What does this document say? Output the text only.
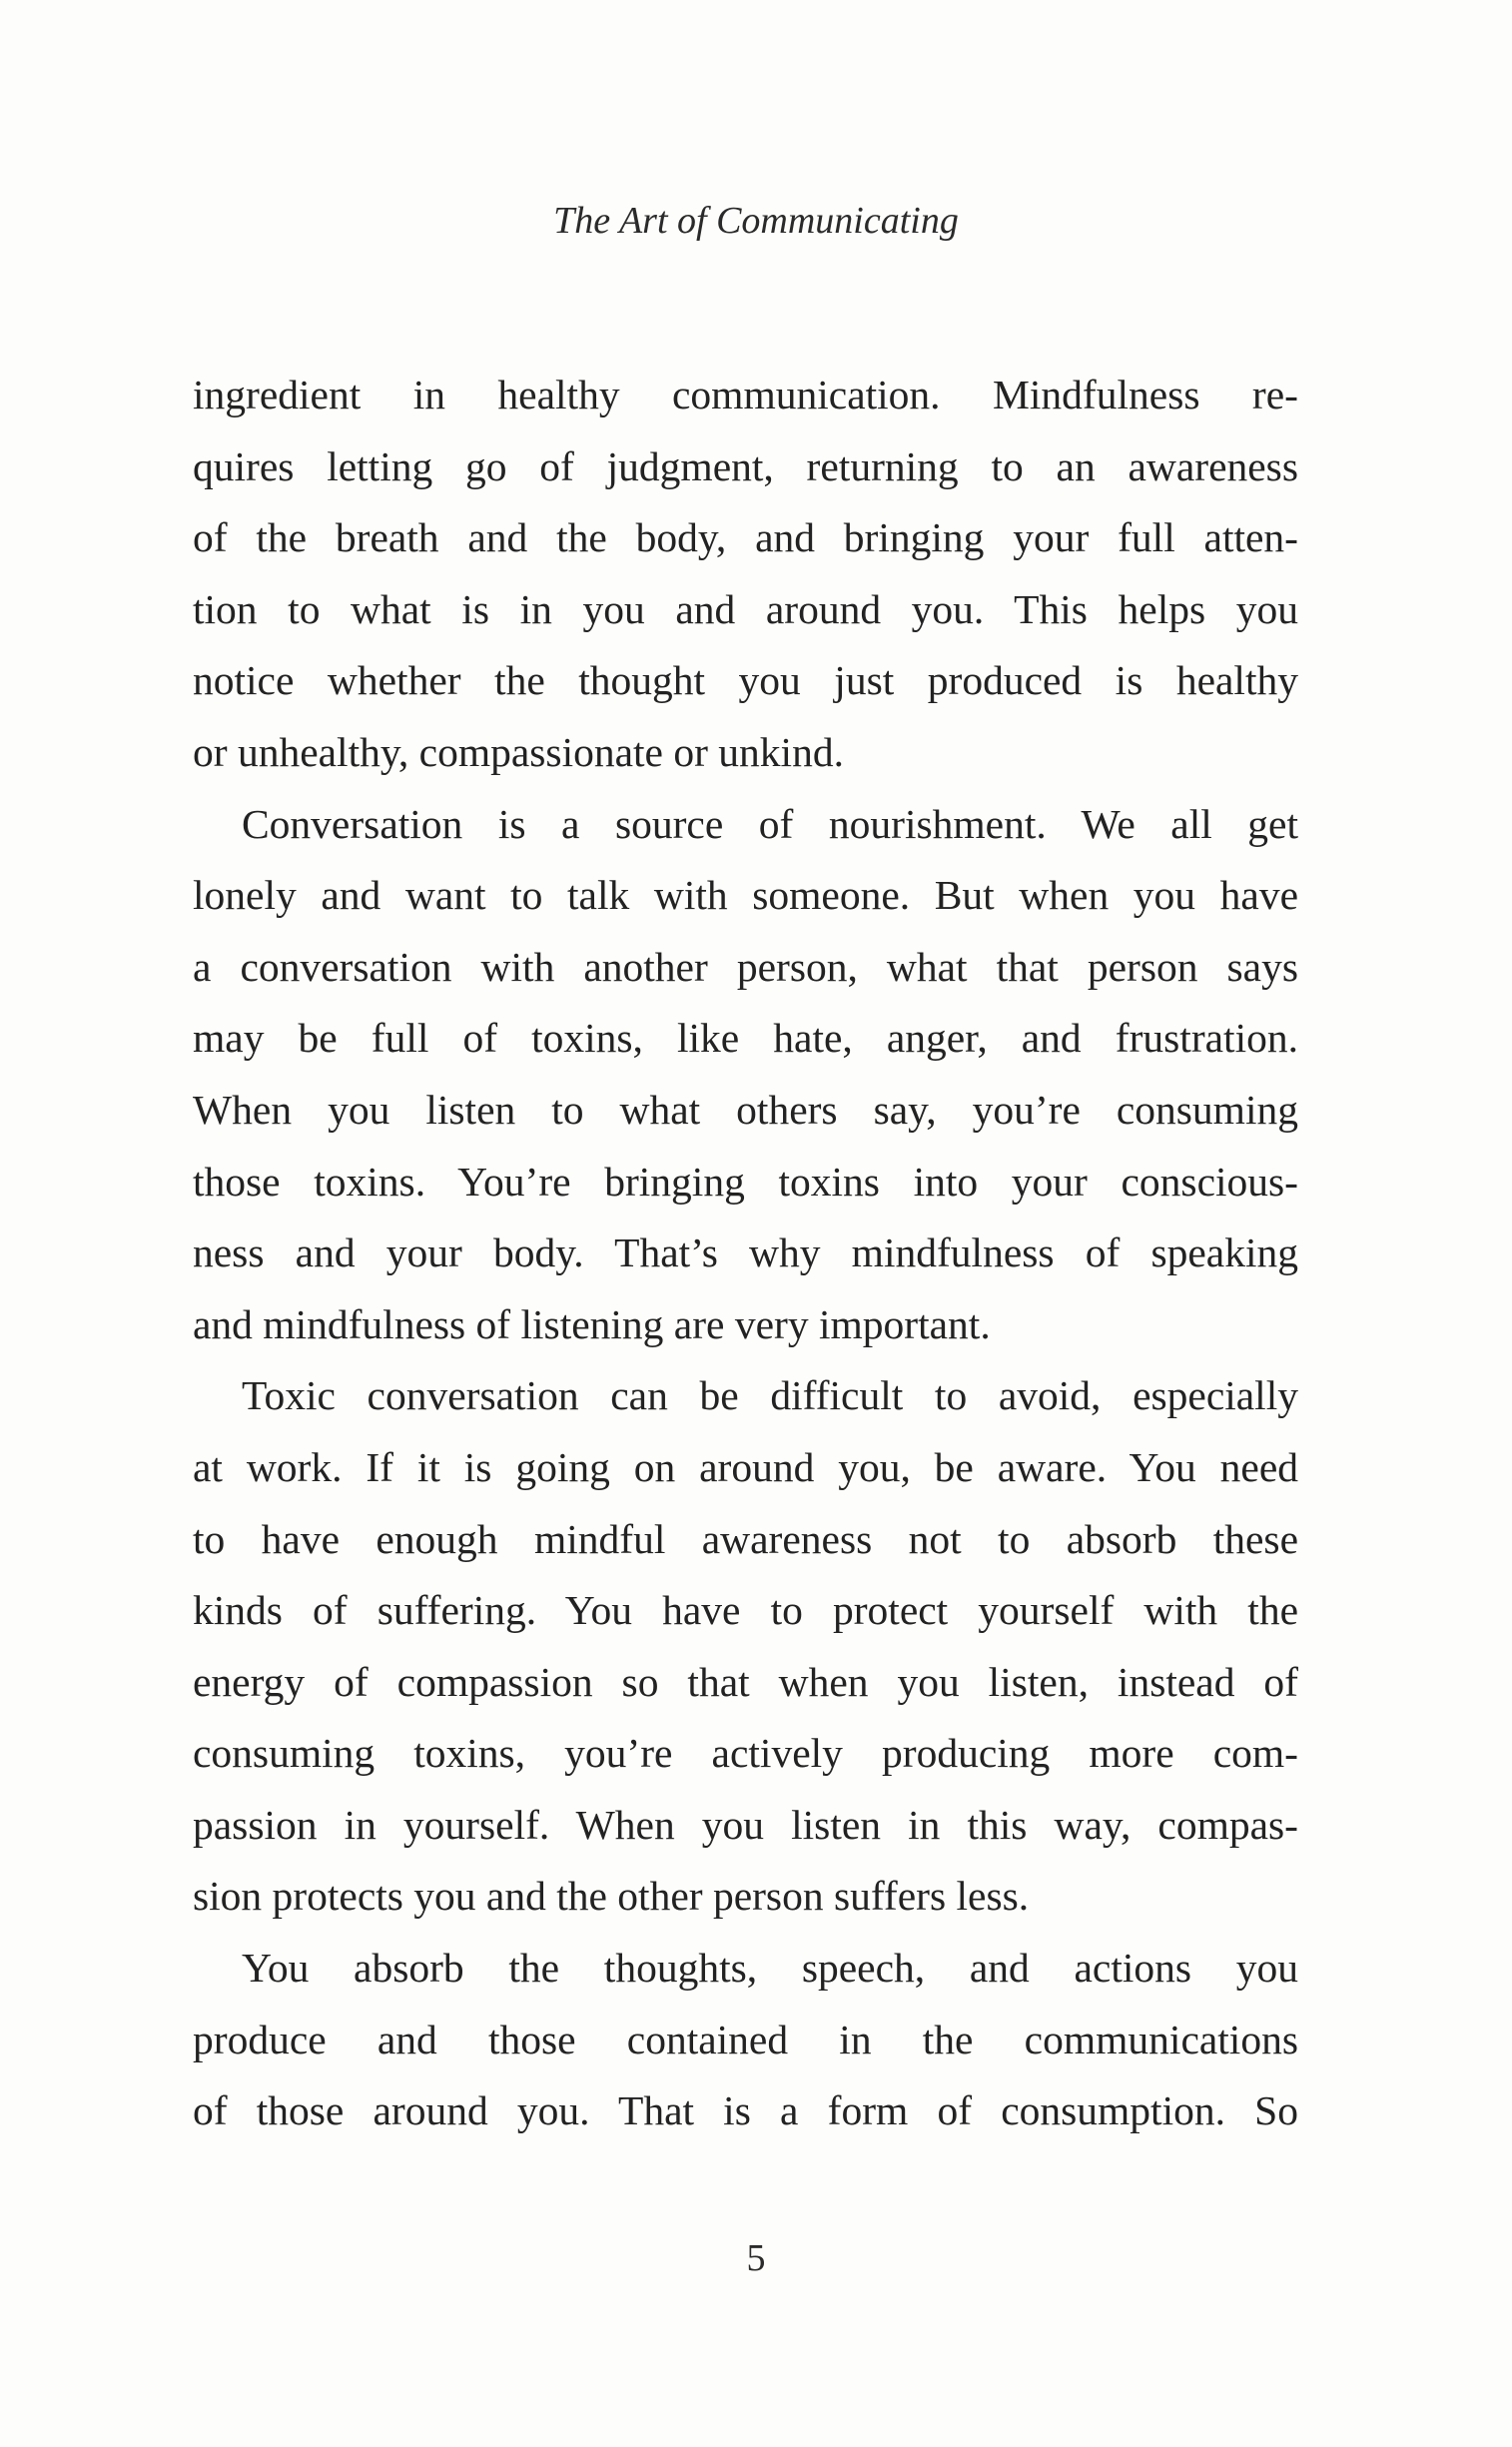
The Art of Communicating
ingredient in healthy communication. Mindfulness re-
quires letting go of judgment, returning to an awareness
of the breath and the body, and bringing your full atten-
tion to what is in you and around you. This helps you
notice whether the thought you just produced is healthy
or unhealthy, compassionate or unkind.
Conversation is a source of nourishment. We all get
lonely and want to talk with someone. But when you have
a conversation with another person, what that person says
may be full of toxins, like hate, anger, and frustration.
When you listen to what others say, you’re consuming
those toxins. You’re bringing toxins into your conscious-
ness and your body. That’s why mindfulness of speaking
and mindfulness of listening are very important.
Toxic conversation can be difficult to avoid, especially
at work. If it is going on around you, be aware. You need
to have enough mindful awareness not to absorb these
kinds of suffering. You have to protect yourself with the
energy of compassion so that when you listen, instead of
consuming toxins, you’re actively producing more com-
passion in yourself. When you listen in this way, compas-
sion protects you and the other person suffers less.
You absorb the thoughts, speech, and actions you
produce and those contained in the communications
of those around you. That is a form of consumption. So
5
